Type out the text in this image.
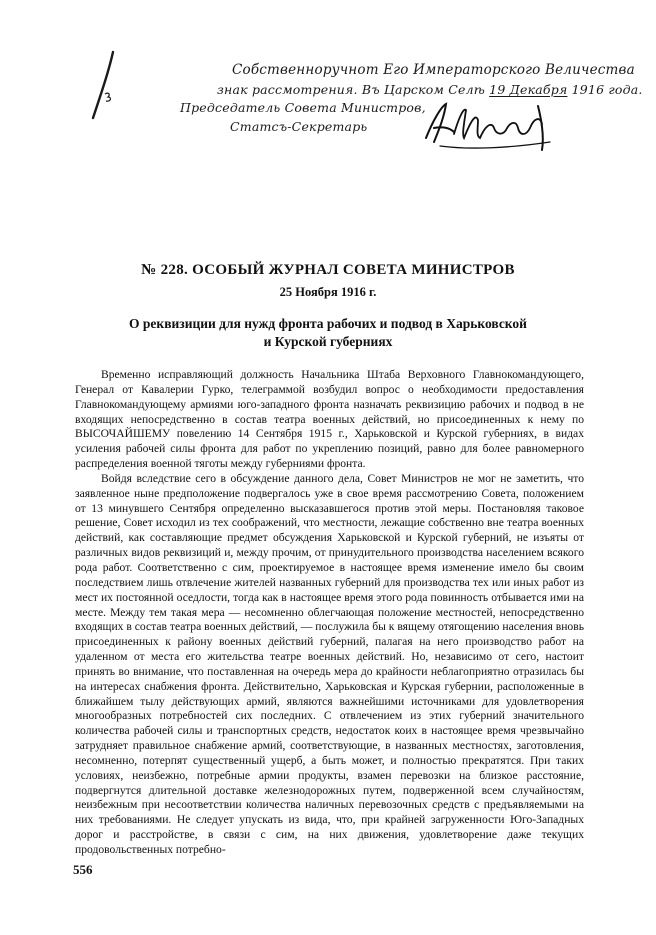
Собственноручнот Его Императорского Величества
знак рассмотрения. Въ Царском Селѣ 19 Декабря 1916 года.
Председатель Совета Министров,
Статсъ-Секретарь
№ 228. ОСОБЫЙ ЖУРНАЛ СОВЕТА МИНИСТРОВ
25 Ноября 1916 г.
О реквизиции для нужд фронта рабочих и подвод в Харьковской
и Курской губерниях

Временно исправляющий должность Начальника Штаба Верховного Главнокомандующего, Генерал от Кавалерии Гурко, телеграммой возбудил вопрос о необходимости предоставления Главнокомандующему армиями юго-западного фронта назначать реквизицию рабочих и подвод в не входящих непосредственно в состав театра военных действий, но присоединенных к нему по ВЫСОЧАЙШЕМУ повелению 14 Сентября 1915 г., Харьковской и Курской губерниях, в видах усиления рабочей силы фронта для работ по укреплению позиций, равно для более равномерного распределения военной тяготы между губерниями фронта.

Войдя вследствие сего в обсуждение данного дела, Совет Министров не мог не заметить, что заявленное ныне предположение подвергалось уже в свое время рассмотрению Совета, положением от 13 минувшего Сентября определенно высказавшегося против этой меры. Постановляя таковое решение, Совет исходил из тех соображений, что местности, лежащие собственно вне театра военных действий, как составляющие предмет обсуждения Харьковской и Курской губерний, не изъяты от различных видов реквизиций и, между прочим, от принудительного производства населением всякого рода работ. Соответственно с сим, проектируемое в настоящее время изменение имело бы своим последствием лишь отвлечение жителей названных губерний для производства тех или иных работ из мест их постоянной оседлости, тогда как в настоящее время этого рода повинность отбывается ими на месте. Между тем такая мера — несомненно облегчающая положение местностей, непосредственно входящих в состав театра военных действий, — послужила бы к вящему отягощению населения вновь присоединенных к району военных действий губерний, палагая на него производство работ на удаленном от места его жительства театре военных действий. Но, независимо от сего, настоит принять во внимание, что поставленная на очередь мера до крайности неблагоприятно отразилась бы на интересах снабжения фронта. Действительно, Харьковская и Курская губернии, расположенные в ближайшем тылу действующих армий, являются важнейшими источниками для удовлетворения многообразных потребностей сих последних. С отвлечением из этих губерний значительного количества рабочей силы и транспортных средств, недостаток коих в настоящее время чрезвычайно затрудняет правильное снабжение армий, соответствующие, в названных местностях, заготовления, несомненно, потерпят существенный ущерб, а быть может, и полностью прекратятся. При таких условиях, неизбежно, потребные армии продукты, взамен перевозки на близкое расстояние, подвергнутся длительной доставке железнодорожных путем, подверженной всем случайностям, неизбежным при несоответствии количества наличных перевозочных средств с предъявляемыми на них требованиями. Не следует упускать из вида, что, при крайней загруженности Юго-Западных дорог и расстройстве, в связи с сим, на них движения, удовлетворение даже текущих продовольственных потребно-

556
